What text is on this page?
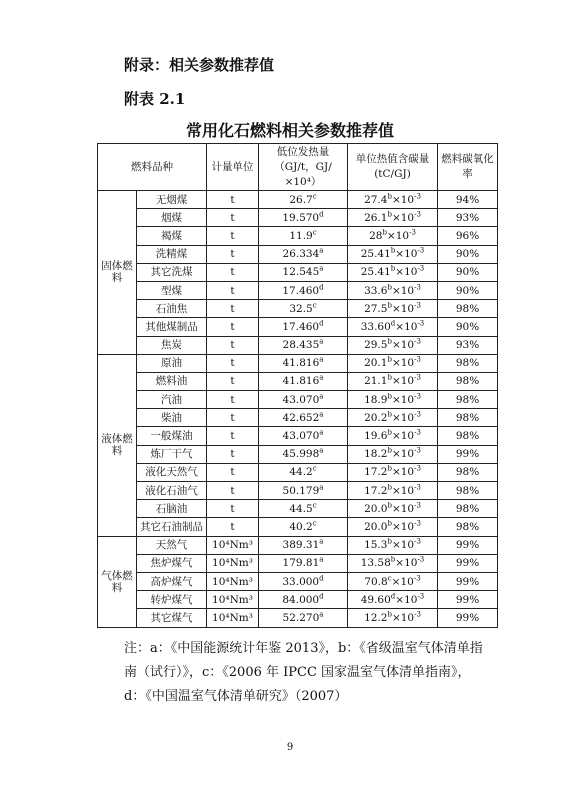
附录：相关参数推荐值
附表 2.1
常用化石燃料相关参数推荐值
燃料品种		计量单位	低位发热量（GJ/t，GJ/×10⁴）	单位热值含碳量(tC/GJ)	燃料碳氧化率
固体燃料	无烟煤	t	26.7$^c$	$27.4^b\times 10^{-3}$	94%
	烟煤	t	19.570$^d$	$26.1^b\times 10^{-3}$	93%
	褐煤	t	11.9$^c$	$28^b\times 10^{-3}$	96%
	洗精煤	t	26.334$^a$	$25.41^b\times 10^{-3}$	90%
	其它洗煤	t	12.545$^a$	$25.41^b\times 10^{-3}$	90%
	型煤	t	17.460$^d$	$33.6^b\times 10^{-3}$	90%
	石油焦	t	32.5$^c$	$27.5^b\times 10^{-3}$	98%
	其他煤制品	t	17.460$^d$	$33.60^d\times 10^{-3}$	90%
	焦炭	t	28.435$^a$	$29.5^b\times 10^{-3}$	93%
液体燃料	原油	t	41.816$^a$	$20.1^b\times 10^{-3}$	98%
	燃料油	t	41.816$^a$	$21.1^b\times 10^{-3}$	98%
	汽油	t	43.070$^a$	$18.9^b\times 10^{-3}$	98%
	柴油	t	42.652$^a$	$20.2^b\times 10^{-3}$	98%
	一般煤油	t	43.070$^a$	$19.6^b\times 10^{-3}$	98%
	炼厂干气	t	45.998$^a$	$18.2^b\times 10^{-3}$	99%
	液化天然气	t	44.2$^c$	$17.2^b\times 10^{-3}$	98%
	液化石油气	t	50.179$^a$	$17.2^b\times 10^{-3}$	98%
	石脑油	t	44.5$^c$	$20.0^b\times 10^{-3}$	98%
	其它石油制品	t	40.2$^c$	$20.0^b\times 10^{-3}$	98%
气体燃料	天然气	10⁴Nm³	389.31$^a$	$15.3^b\times 10^{-3}$	99%
	焦炉煤气	10⁴Nm³	179.81$^a$	$13.58^b\times 10^{-3}$	99%
	高炉煤气	10⁴Nm³	33.000$^d$	$70.8^c\times 10^{-3}$	99%
	转炉煤气	10⁴Nm³	84.000$^d$	$49.60^d\times 10^{-3}$	99%
	其它煤气	10⁴Nm³	52.270$^a$	$12.2^b\times 10^{-3}$	99%
注：a：《中国能源统计年鉴 2013》，b：《省级温室气体清单指南（试行）》，c：《2006 年 IPCC 国家温室气体清单指南》，d：《中国温室气体清单研究》（2007）
9
